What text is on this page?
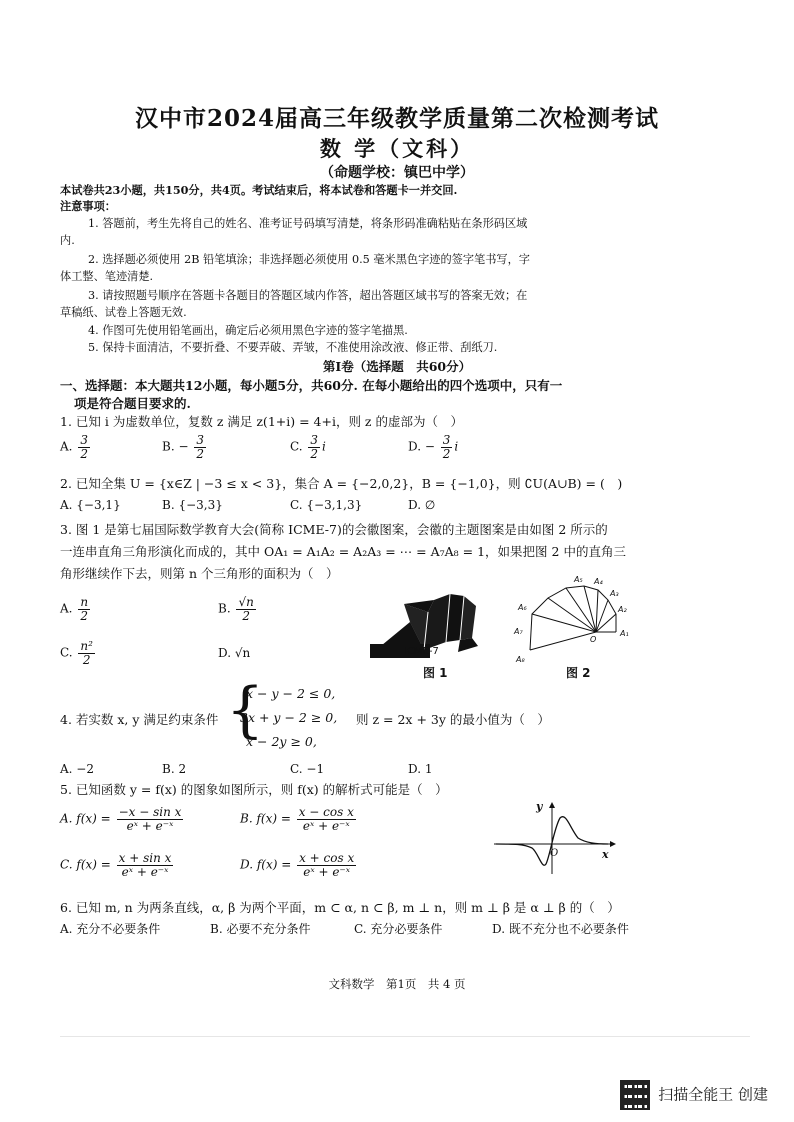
汉中市2024届高三年级教学质量第二次检测考试
数 学（文科）
（命题学校：镇巴中学）
本试卷共23小题，共150分，共4页。考试结束后，将本试卷和答题卡一并交回.
注意事项：
1. 答题前，考生先将自己的姓名、准考证号码填写清楚，将条形码准确粘贴在条形码区域
内.
2. 选择题必须使用 2B 铅笔填涂；非选择题必须使用 0.5 毫米黑色字迹的签字笔书写，字
体工整、笔迹清楚.
3. 请按照题号顺序在答题卡各题目的答题区域内作答，超出答题区域书写的答案无效；在
草稿纸、试卷上答题无效.
4. 作图可先使用铅笔画出，确定后必须用黑色字迹的签字笔描黑.
5. 保持卡面清洁，不要折叠、不要弄破、弄皱，不准使用涂改液、修正带、刮纸刀.
第Ⅰ卷（选择题　共60分）
一、选择题：本大题共12小题，每小题5分，共60分. 在每小题给出的四个选项中，只有一
项是符合题目要求的.
1. 已知 i 为虚数单位，复数 z 满足 z(1+i) = 4+i，则 z 的虚部为（　）
A. $\frac{3}{2}$	B. − $\frac{3}{2}$	C. $\frac{3}{2}$ i	D. − $\frac{3}{2}$ i
2. 已知全集 U = {x∈Z | −3 ≤ x < 3}，集合 A = {−2,0,2}，B = {−1,0}，则 ∁U(A∪B) = (　)
A. {−3,1}	B. {−3,3}	C. {−3,1,3}	D. ∅
3. 图 1 是第七届国际数学教育大会(简称 ICME-7)的会徽图案，会徽的主题图案是由如图 2 所示的
一连串直角三角形演化而成的，其中 OA₁ = A₁A₂ = A₂A₃ = ⋯ = A₇A₈ = 1，如果把图 2 中的直角三
角形继续作下去，则第 n 个三角形的面积为（　）
A. $\frac{n}{2}$	B. $\frac{√n}{2}$
C. $\frac{\text{n²}}{2}$	D. √n	ICME-7
图 1
A₁
A₂
A₃
A₄
A₅
A₆
A₇
A₈
O
图 2
4. 若实数 x, y 满足约束条件 {
x − y − 2 ≤ 0,
3x + y − 2 ≥ 0,
x − 2y ≥ 0,
则 z = 2x + 3y 的最小值为（　）
A. −2	B. 2	C. −1	D. 1
5. 已知函数 y = f(x) 的图象如图所示，则 f(x) 的解析式可能是（　）
A. $f(x) = \frac{\text{−x − sin x}}{\text{eˣ + e⁻ˣ}}$	B. $f(x) = \frac{\text{x − cos x}}{\text{eˣ + e⁻ˣ}}$
C. $f(x) = \frac{\text{x + sin x}}{\text{eˣ + e⁻ˣ}}$	D. $f(x) = \frac{\text{x + cos x}}{\text{eˣ + e⁻ˣ}}$
y
x
O
6. 已知 m, n 为两条直线，α, β 为两个平面，m ⊂ α, n ⊂ β, m ⊥ n，则 m ⊥ β 是 α ⊥ β 的（　）
A. 充分不必要条件	B. 必要不充分条件	C. 充分必要条件	D. 既不充分也不必要条件
文科数学　第1页　共 4 页
扫描全能王 创建
